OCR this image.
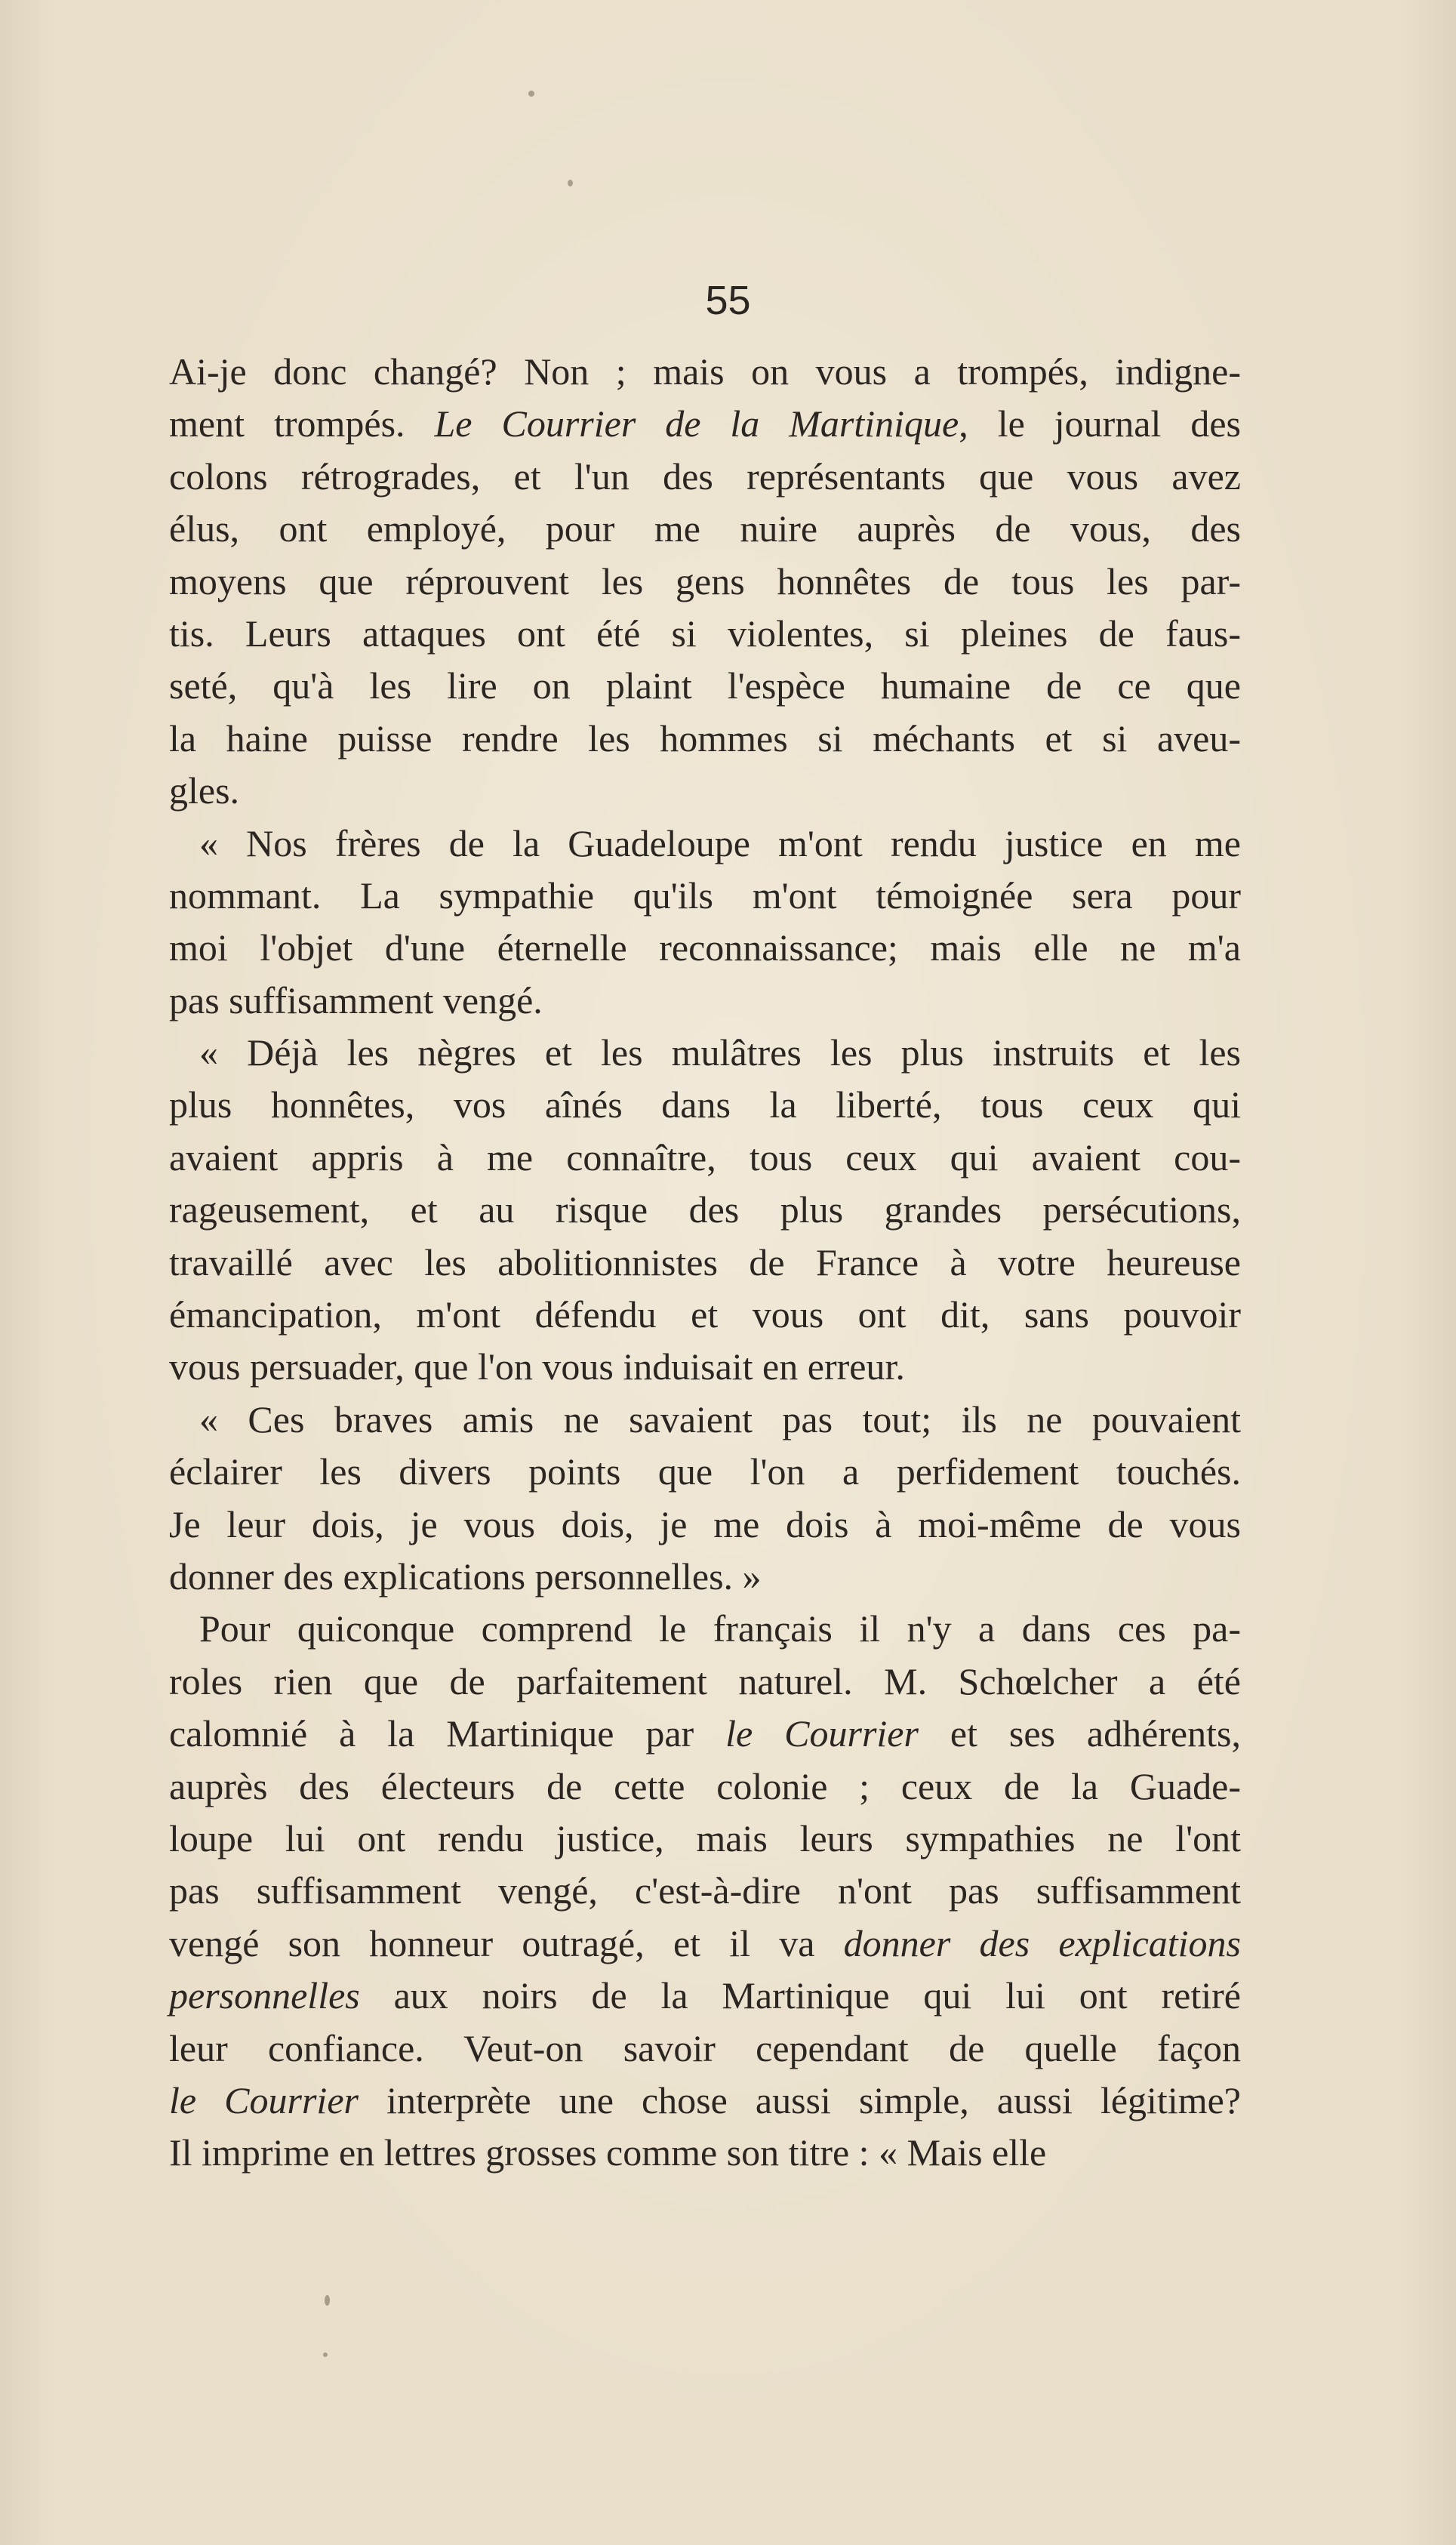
55
Ai-je donc changé? Non ; mais on vous a trompés, indigne-
ment trompés. Le Courrier de la Martinique, le journal des
colons rétrogrades, et l'un des représentants que vous avez
élus, ont employé, pour me nuire auprès de vous, des
moyens que réprouvent les gens honnêtes de tous les par-
tis. Leurs attaques ont été si violentes, si pleines de faus-
seté, qu'à les lire on plaint l'espèce humaine de ce que
la haine puisse rendre les hommes si méchants et si aveu-
gles.
« Nos frères de la Guadeloupe m'ont rendu justice en me
nommant. La sympathie qu'ils m'ont témoignée sera pour
moi l'objet d'une éternelle reconnaissance; mais elle ne m'a
pas suffisamment vengé.
« Déjà les nègres et les mulâtres les plus instruits et les
plus honnêtes, vos aînés dans la liberté, tous ceux qui
avaient appris à me connaître, tous ceux qui avaient cou-
rageusement, et au risque des plus grandes persécutions,
travaillé avec les abolitionnistes de France à votre heureuse
émancipation, m'ont défendu et vous ont dit, sans pouvoir
vous persuader, que l'on vous induisait en erreur.
« Ces braves amis ne savaient pas tout; ils ne pouvaient
éclairer les divers points que l'on a perfidement touchés.
Je leur dois, je vous dois, je me dois à moi-même de vous
donner des explications personnelles. »
Pour quiconque comprend le français il n'y a dans ces pa-
roles rien que de parfaitement naturel. M. Schœlcher a été
calomnié à la Martinique par le Courrier et ses adhérents,
auprès des électeurs de cette colonie ; ceux de la Guade-
loupe lui ont rendu justice, mais leurs sympathies ne l'ont
pas suffisamment vengé, c'est-à-dire n'ont pas suffisamment
vengé son honneur outragé, et il va donner des explications
personnelles aux noirs de la Martinique qui lui ont retiré
leur confiance. Veut-on savoir cependant de quelle façon
le Courrier interprète une chose aussi simple, aussi légitime?
Il imprime en lettres grosses comme son titre : « Mais elle
